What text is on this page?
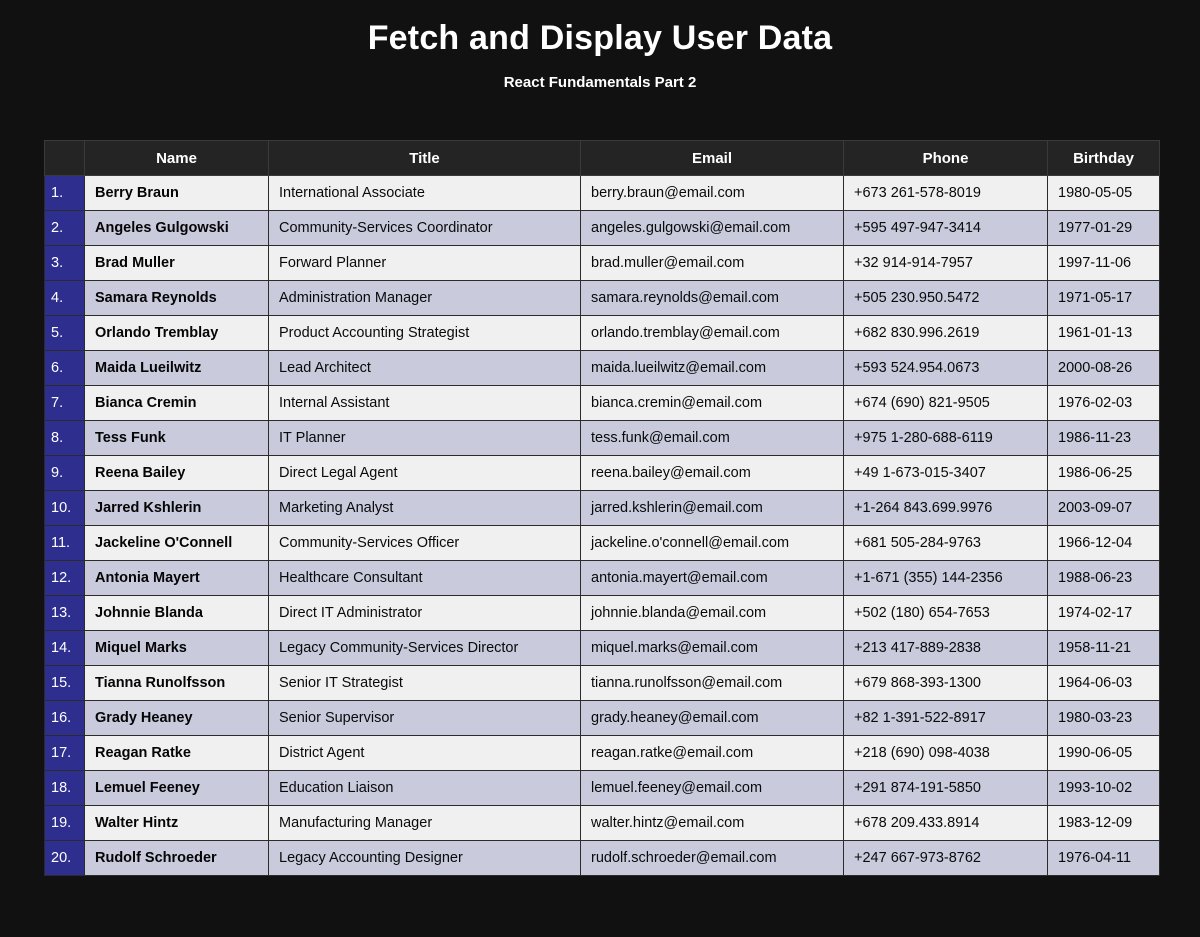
Fetch and Display User Data

React Fundamentals Part 2

	Name	Title	Email	Phone	Birthday
1.	Berry Braun	International Associate	berry.braun@email.com	+673 261-578-8019	1980-05-05
2.	Angeles Gulgowski	Community-Services Coordinator	angeles.gulgowski@email.com	+595 497-947-3414	1977-01-29
3.	Brad Muller	Forward Planner	brad.muller@email.com	+32 914-914-7957	1997-11-06
4.	Samara Reynolds	Administration Manager	samara.reynolds@email.com	+505 230.950.5472	1971-05-17
5.	Orlando Tremblay	Product Accounting Strategist	orlando.tremblay@email.com	+682 830.996.2619	1961-01-13
6.	Maida Lueilwitz	Lead Architect	maida.lueilwitz@email.com	+593 524.954.0673	2000-08-26
7.	Bianca Cremin	Internal Assistant	bianca.cremin@email.com	+674 (690) 821-9505	1976-02-03
8.	Tess Funk	IT Planner	tess.funk@email.com	+975 1-280-688-6119	1986-11-23
9.	Reena Bailey	Direct Legal Agent	reena.bailey@email.com	+49 1-673-015-3407	1986-06-25
10.	Jarred Kshlerin	Marketing Analyst	jarred.kshlerin@email.com	+1-264 843.699.9976	2003-09-07
11.	Jackeline O'Connell	Community-Services Officer	jackeline.o'connell@email.com	+681 505-284-9763	1966-12-04
12.	Antonia Mayert	Healthcare Consultant	antonia.mayert@email.com	+1-671 (355) 144-2356	1988-06-23
13.	Johnnie Blanda	Direct IT Administrator	johnnie.blanda@email.com	+502 (180) 654-7653	1974-02-17
14.	Miquel Marks	Legacy Community-Services Director	miquel.marks@email.com	+213 417-889-2838	1958-11-21
15.	Tianna Runolfsson	Senior IT Strategist	tianna.runolfsson@email.com	+679 868-393-1300	1964-06-03
16.	Grady Heaney	Senior Supervisor	grady.heaney@email.com	+82 1-391-522-8917	1980-03-23
17.	Reagan Ratke	District Agent	reagan.ratke@email.com	+218 (690) 098-4038	1990-06-05
18.	Lemuel Feeney	Education Liaison	lemuel.feeney@email.com	+291 874-191-5850	1993-10-02
19.	Walter Hintz	Manufacturing Manager	walter.hintz@email.com	+678 209.433.8914	1983-12-09
20.	Rudolf Schroeder	Legacy Accounting Designer	rudolf.schroeder@email.com	+247 667-973-8762	1976-04-11
